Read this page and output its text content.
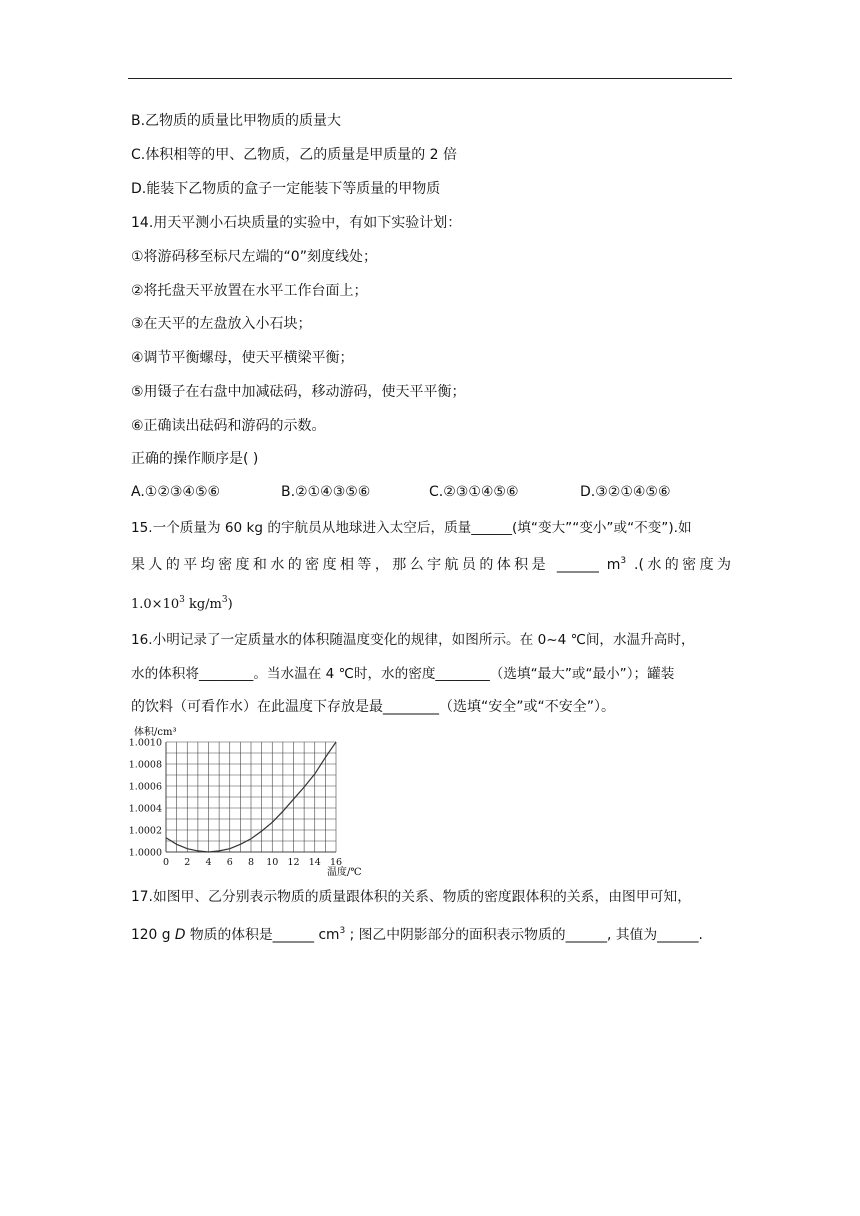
B.乙物质的质量比甲物质的质量大
C.体积相等的甲、乙物质，乙的质量是甲质量的 2 倍
D.能装下乙物质的盒子一定能装下等质量的甲物质
14.用天平测小石块质量的实验中，有如下实验计划：
①将游码移至标尺左端的“0”刻度线处；
②将托盘天平放置在水平工作台面上；
③在天平的左盘放入小石块；
④调节平衡螺母，使天平横梁平衡；
⑤用镊子在右盘中加减砝码，移动游码，使天平平衡；
⑥正确读出砝码和游码的示数。
正确的操作顺序是( )
A.①②③④⑤⑥	B.②①④③⑤⑥	C.②③①④⑤⑥	D.③②①④⑤⑥
15.一个质量为 60 kg 的宇航员从地球进入太空后，质量______(填“变大”“变小”或“不变”).如
果人的平均密度和水的密度相等，那么宇航员的体积是 ______ $m^3$ .(水的密度为
$1.0\times 10^3$ $kg/m^3$)
16.小明记录了一定质量水的体积随温度变化的规律，如图所示。在 0~4 ℃间，水温升高时，
水的体积将________。当水温在 4 ℃时，水的密度________（选填“最大”或“最小”）；罐装
的饮料（可看作水）在此温度下存放是最________（选填“安全”或“不安全”）。
体积/cm³
1.0000
1.0002
1.0004
1.0006
1.0008
1.0010
0 2 4 6 8 10 12 14 16
温度/℃
17.如图甲、乙分别表示物质的质量跟体积的关系、物质的密度跟体积的关系，由图甲可知，
120 g D 物质的体积是______ $cm^3$ ; 图乙中阴影部分的面积表示物质的______, 其值为______.
